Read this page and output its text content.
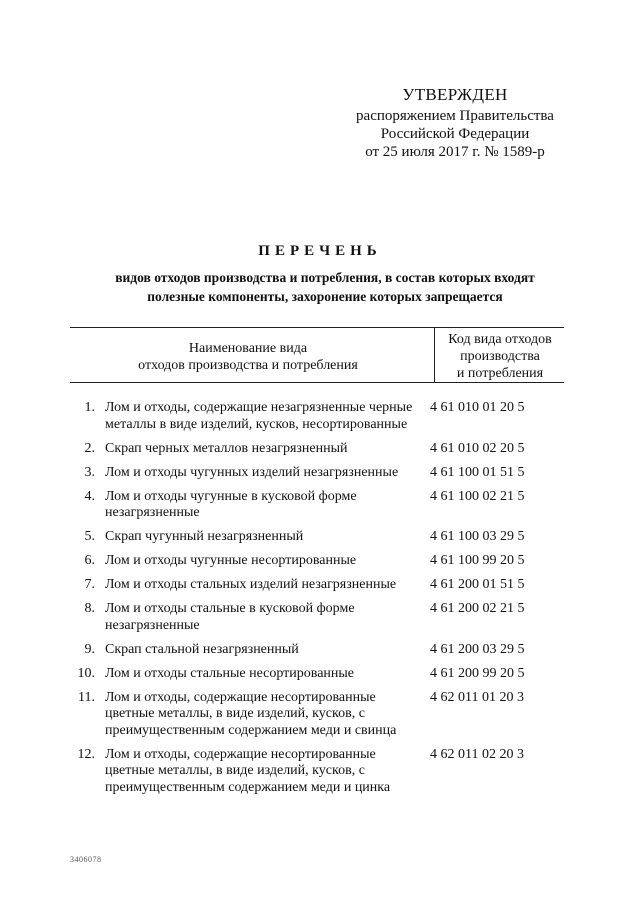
УТВЕРЖДЕН
распоряжением Правительства
Российской Федерации
от 25 июля 2017 г. № 1589-р
ПЕРЕЧЕНЬ
видов отходов производства и потребления, в состав которых входят
полезные компоненты, захоронение которых запрещается
Наименование вида
отходов производства и потребления
Код вида отходов
производства
и потребления
1. Лом и отходы, содержащие незагрязненные черные металлы в виде изделий, кусков, несортированные
4 61 010 01 20 5
2. Скрап черных металлов незагрязненный	4 61 010 02 20 5
3. Лом и отходы чугунных изделий незагрязненные	4 61 100 01 51 5
4. Лом и отходы чугунные в кусковой форме незагрязненные
4 61 100 02 21 5
5. Скрап чугунный незагрязненный	4 61 100 03 29 5
6. Лом и отходы чугунные несортированные	4 61 100 99 20 5
7. Лом и отходы стальных изделий незагрязненные	4 61 200 01 51 5
8. Лом и отходы стальные в кусковой форме незагрязненные
4 61 200 02 21 5
9. Скрап стальной незагрязненный	4 61 200 03 29 5
10. Лом и отходы стальные несортированные	4 61 200 99 20 5
11. Лом и отходы, содержащие несортированные цветные металлы, в виде изделий, кусков, с преимущественным содержанием меди и свинца
4 62 011 01 20 3
12. Лом и отходы, содержащие несортированные цветные металлы, в виде изделий, кусков, с преимущественным содержанием меди и цинка
4 62 011 02 20 3
3406078
